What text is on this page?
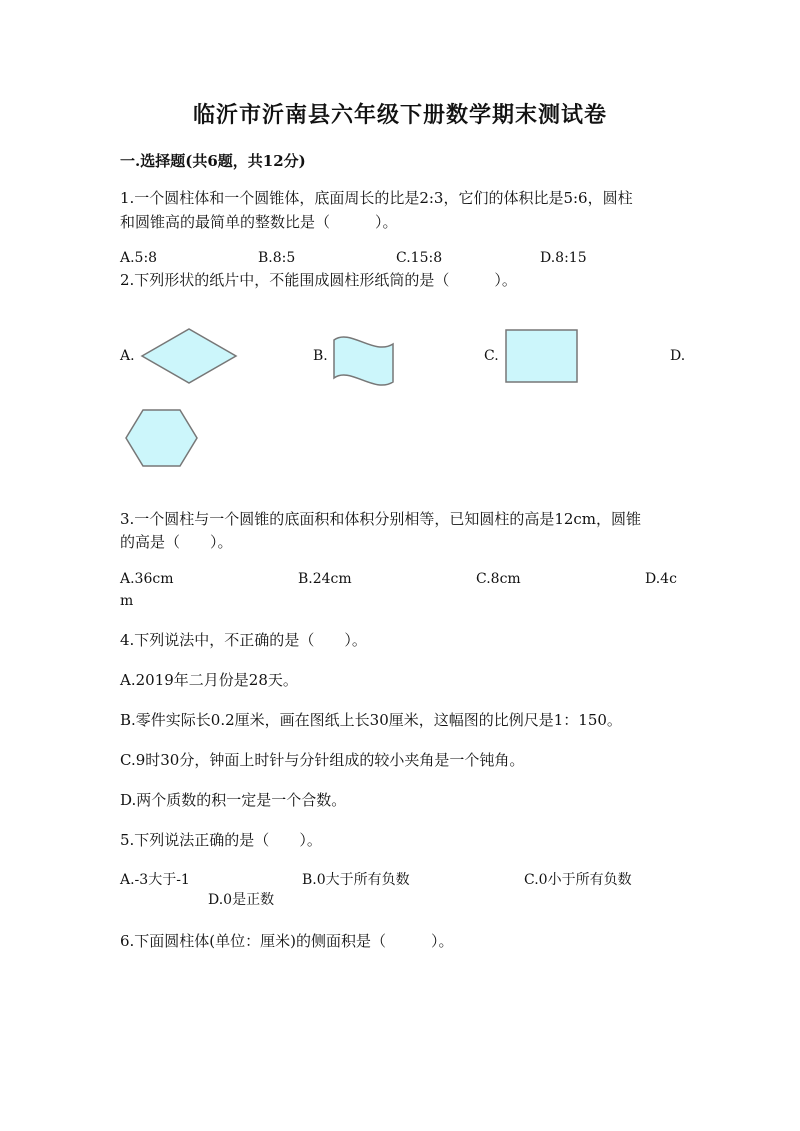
临沂市沂南县六年级下册数学期末测试卷
一.选择题(共6题，共12分)
1.一个圆柱体和一个圆锥体，底面周长的比是2:3，它们的体积比是5:6，圆柱
和圆锥高的最简单的整数比是（　　　）。
A.5:8	B.8:5	C.15:8	D.8:15
2.下列形状的纸片中，不能围成圆柱形纸筒的是（　　　）。
A.	B.	C.	D.
3.一个圆柱与一个圆锥的底面积和体积分别相等，已知圆柱的高是12cm，圆锥
的高是（　　）。
A.36cm	B.24cm	C.8cm	D.4c
m
4.下列说法中，不正确的是（　　）。
A.2019年二月份是28天。
B.零件实际长0.2厘米，画在图纸上长30厘米，这幅图的比例尺是1：150。
C.9时30分，钟面上时针与分针组成的较小夹角是一个钝角。
D.两个质数的积一定是一个合数。
5.下列说法正确的是（　　）。
A.-3大于-1	B.0大于所有负数	C.0小于所有负数
D.0是正数
6.下面圆柱体(单位：厘米)的侧面积是（　　　）。
